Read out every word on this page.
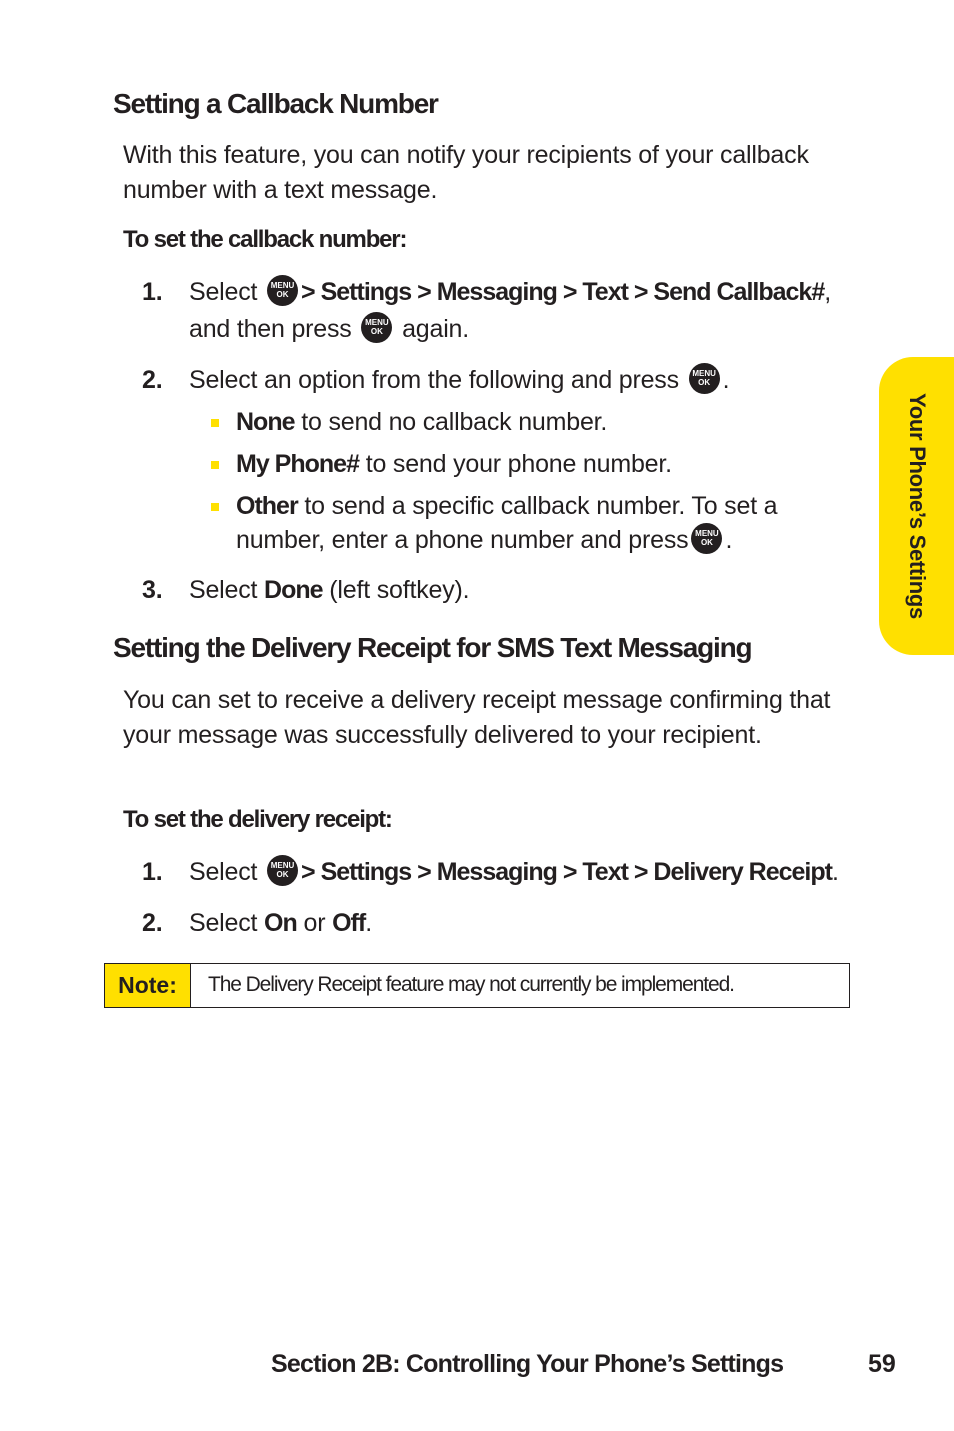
Setting a Callback Number

With this feature, you can notify your recipients of your callback number with a text message.

To set the callback number:
1. Select	MENU
OK > Settings > Messaging > Text > Send Callback#,
and then press	MENU
OK again.
2. Select an option from the following and press	MENU
OK .
None to send no callback number.
My Phone# to send your phone number.
Other to send a specific callback number. To set a number, enter a phone number and press MENU
OK .
3. Select Done (left softkey).
Setting the Delivery Receipt for SMS Text Messaging

You can set to receive a delivery receipt message confirming that your message was successfully delivered to your recipient.

To set the delivery receipt:
1. Select	MENU
OK > Settings > Messaging > Text > Delivery Receipt.
2. Select On or Off.
Note:	The Delivery Receipt feature may not currently be implemented.
Your Phone’s Settings
Section 2B: Controlling Your Phone’s Settings	59
